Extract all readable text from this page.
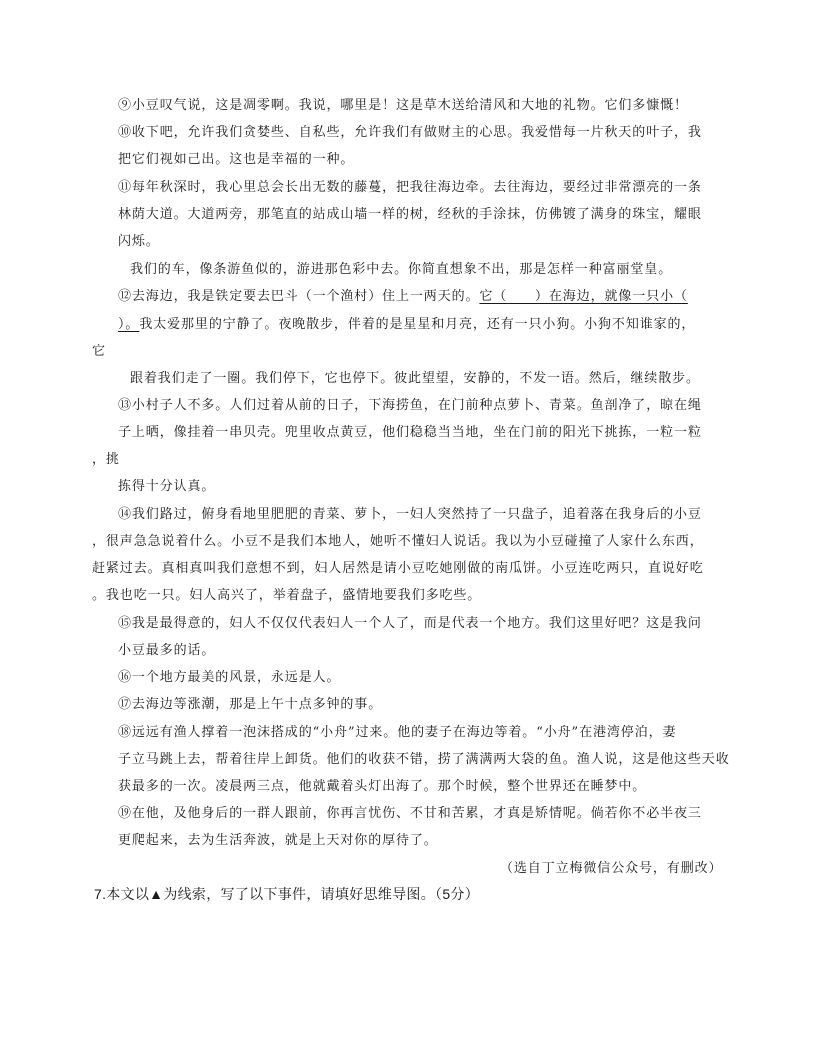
⑨小豆叹气说，这是凋零啊。我说，哪里是！这是草木送给清风和大地的礼物。它们多慷慨！
⑩收下吧，允许我们贪婪些、自私些，允许我们有做财主的心思。我爱惜每一片秋天的叶子，我
把它们视如己出。这也是幸福的一种。
⑪每年秋深时，我心里总会长出无数的藤蔓，把我往海边牵。去往海边，要经过非常漂亮的一条
林荫大道。大道两旁，那笔直的站成山墙一样的树，经秋的手涂抹，仿佛镀了满身的珠宝，耀眼
闪烁。
我们的车，像条游鱼似的，游进那色彩中去。你简直想象不出，那是怎样一种富丽堂皇。
⑫去海边，我是铁定要去巴斗（一个渔村）住上一两天的。它（　　）在海边，就像一只小（
）。我太爱那里的宁静了。夜晚散步，伴着的是星星和月亮，还有一只小狗。小狗不知谁家的，
它
跟着我们走了一圈。我们停下，它也停下。彼此望望，安静的，不发一语。然后，继续散步。
⑬小村子人不多。人们过着从前的日子，下海捞鱼，在门前种点萝卜、青菜。鱼剖净了，晾在绳
子上晒，像挂着一串贝壳。兜里收点黄豆，他们稳稳当当地，坐在门前的阳光下挑拣，一粒一粒
，挑
拣得十分认真。
⑭我们路过，俯身看地里肥肥的青菜、萝卜，一妇人突然持了一只盘子，追着落在我身后的小豆
，很声急急说着什么。小豆不是我们本地人，她听不懂妇人说话。我以为小豆碰撞了人家什么东西，
赶紧过去。真相真叫我们意想不到，妇人居然是请小豆吃她刚做的南瓜饼。小豆连吃两只，直说好吃
。我也吃一只。妇人高兴了，举着盘子，盛情地要我们多吃些。
⑮我是最得意的，妇人不仅仅代表妇人一个人了，而是代表一个地方。我们这里好吧？这是我问
小豆最多的话。
⑯一个地方最美的风景，永远是人。
⑰去海边等涨潮，那是上午十点多钟的事。
⑱远远有渔人撑着一泡沫搭成的“小舟”过来。他的妻子在海边等着。“小舟”在港湾停泊，妻
子立马跳上去，帮着往岸上卸货。他们的收获不错，捞了满满两大袋的鱼。渔人说，这是他这些天收
获最多的一次。凌晨两三点，他就戴着头灯出海了。那个时候，整个世界还在睡梦中。
⑲在他，及他身后的一群人跟前，你再言忧伤、不甘和苦累，才真是矫情呢。倘若你不必半夜三
更爬起来，去为生活奔波，就是上天对你的厚待了。
（选自丁立梅微信公众号，有删改）
7.本文以▲为线索，写了以下事件，请填好思维导图。（5分）
